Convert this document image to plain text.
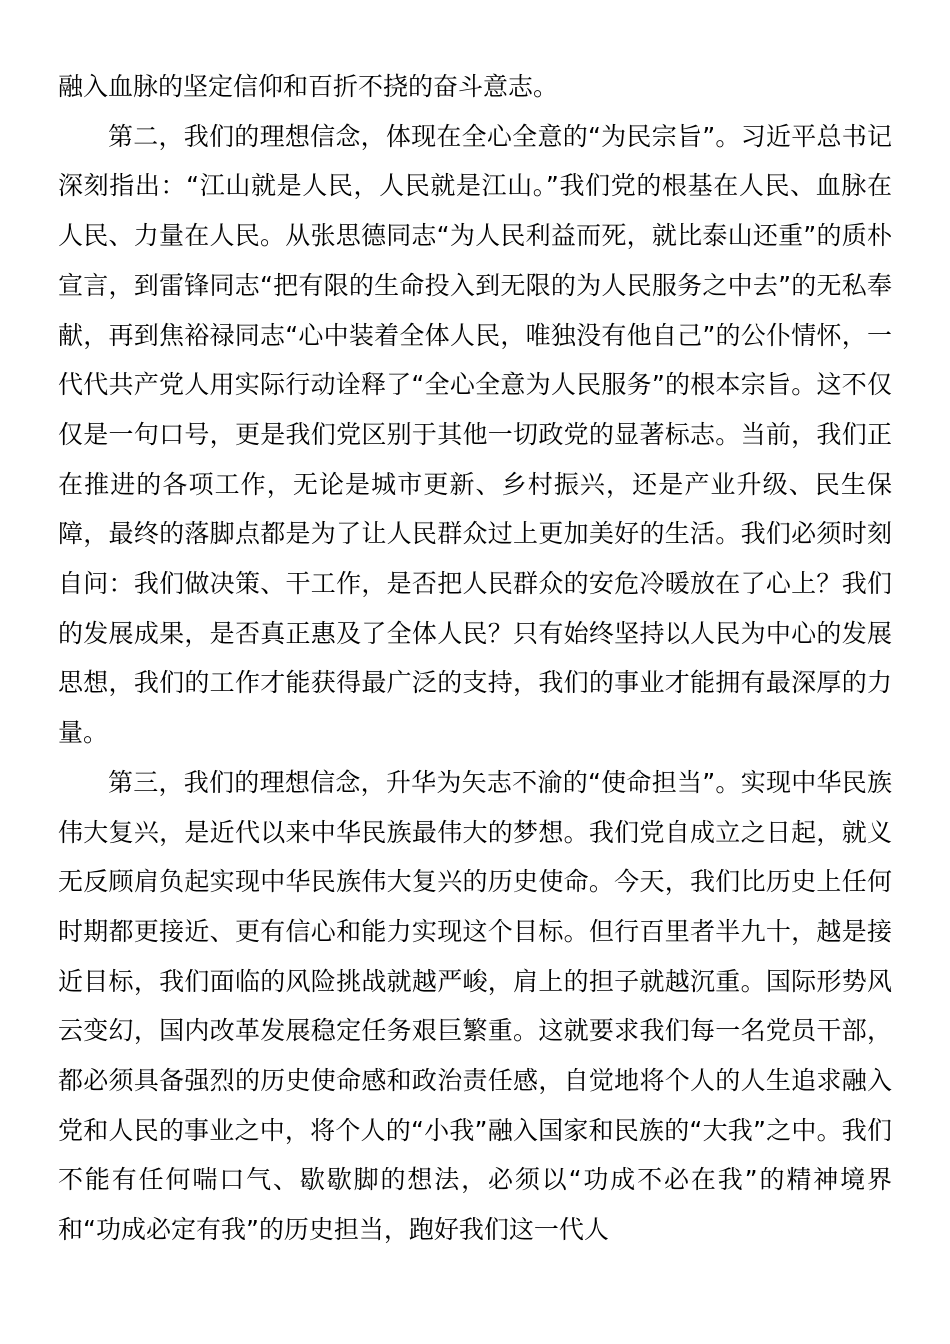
融入血脉的坚定信仰和百折不挠的奋斗意志。

第二，我们的理想信念，体现在全心全意的“为民宗旨”。习近平总书记深刻指出：“江山就是人民，人民就是江山。”我们党的根基在人民、血脉在人民、力量在人民。从张思德同志“为人民利益而死，就比泰山还重”的质朴宣言，到雷锋同志“把有限的生命投入到无限的为人民服务之中去”的无私奉献，再到焦裕禄同志“心中装着全体人民，唯独没有他自己”的公仆情怀，一代代共产党人用实际行动诠释了“全心全意为人民服务”的根本宗旨。这不仅仅是一句口号，更是我们党区别于其他一切政党的显著标志。当前，我们正在推进的各项工作，无论是城市更新、乡村振兴，还是产业升级、民生保障，最终的落脚点都是为了让人民群众过上更加美好的生活。我们必须时刻自问：我们做决策、干工作，是否把人民群众的安危冷暖放在了心上？我们的发展成果，是否真正惠及了全体人民？只有始终坚持以人民为中心的发展思想，我们的工作才能获得最广泛的支持，我们的事业才能拥有最深厚的力量。

第三，我们的理想信念，升华为矢志不渝的“使命担当”。实现中华民族伟大复兴，是近代以来中华民族最伟大的梦想。我们党自成立之日起，就义无反顾肩负起实现中华民族伟大复兴的历史使命。今天，我们比历史上任何时期都更接近、更有信心和能力实现这个目标。但行百里者半九十，越是接近目标，我们面临的风险挑战就越严峻，肩上的担子就越沉重。国际形势风云变幻，国内改革发展稳定任务艰巨繁重。这就要求我们每一名党员干部，都必须具备强烈的历史使命感和政治责任感，自觉地将个人的人生追求融入党和人民的事业之中，将个人的“小我”融入国家和民族的“大我”之中。我们不能有任何喘口气、歇歇脚的想法，必须以“功成不必在我”的精神境界和“功成必定有我”的历史担当，跑好我们这一代人
